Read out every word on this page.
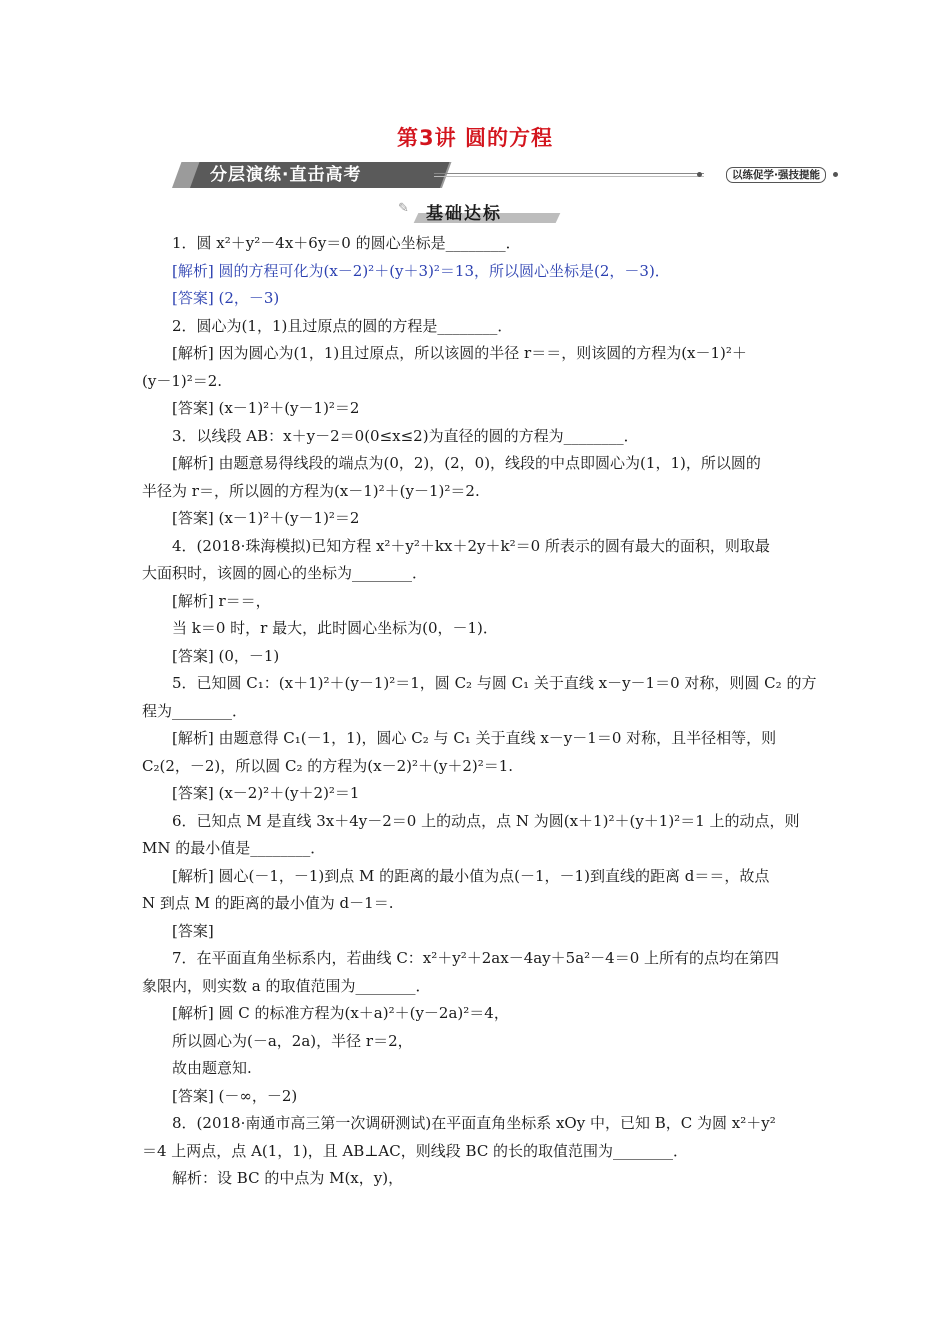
第3讲 圆的方程
分层演练·直击高考	以练促学·强技提能
✎	基础达标
1．圆 x²＋y²－4x＋6y＝0 的圆心坐标是________．
[解析] 圆的方程可化为(x－2)²＋(y＋3)²＝13，所以圆心坐标是(2，－3)．
[答案] (2，－3)
2．圆心为(1，1)且过原点的圆的方程是________．
[解析] 因为圆心为(1，1)且过原点，所以该圆的半径 r＝＝，则该圆的方程为(x－1)²＋
(y－1)²＝2.
[答案] (x－1)²＋(y－1)²＝2
3．以线段 AB：x＋y－2＝0(0≤x≤2)为直径的圆的方程为________．
[解析] 由题意易得线段的端点为(0，2)，(2，0)，线段的中点即圆心为(1，1)，所以圆的
半径为 r＝，所以圆的方程为(x－1)²＋(y－1)²＝2.
[答案] (x－1)²＋(y－1)²＝2
4．(2018·珠海模拟)已知方程 x²＋y²＋kx＋2y＋k²＝0 所表示的圆有最大的面积，则取最
大面积时，该圆的圆心的坐标为________．
[解析] r＝＝，
当 k＝0 时，r 最大，此时圆心坐标为(0，－1)．
[答案] (0，－1)
5．已知圆 C₁：(x＋1)²＋(y－1)²＝1，圆 C₂ 与圆 C₁ 关于直线 x－y－1＝0 对称，则圆 C₂ 的方
程为________．
[解析] 由题意得 C₁(－1，1)，圆心 C₂ 与 C₁ 关于直线 x－y－1＝0 对称，且半径相等，则
C₂(2，－2)，所以圆 C₂ 的方程为(x－2)²＋(y＋2)²＝1.
[答案] (x－2)²＋(y＋2)²＝1
6．已知点 M 是直线 3x＋4y－2＝0 上的动点，点 N 为圆(x＋1)²＋(y＋1)²＝1 上的动点，则
MN 的最小值是________．
[解析] 圆心(－1，－1)到点 M 的距离的最小值为点(－1，－1)到直线的距离 d＝＝，故点
N 到点 M 的距离的最小值为 d－1＝.
[答案]
7．在平面直角坐标系内，若曲线 C：x²＋y²＋2ax－4ay＋5a²－4＝0 上所有的点均在第四
象限内，则实数 a 的取值范围为________．
[解析] 圆 C 的标准方程为(x＋a)²＋(y－2a)²＝4，
所以圆心为(－a，2a)，半径 r＝2，
故由题意知.
[答案] (－∞，－2)
8．(2018·南通市高三第一次调研测试)在平面直角坐标系 xOy 中，已知 B，C 为圆 x²＋y²
＝4 上两点，点 A(1，1)，且 AB⊥AC，则线段 BC 的长的取值范围为________．
解析：设 BC 的中点为 M(x，y)，
